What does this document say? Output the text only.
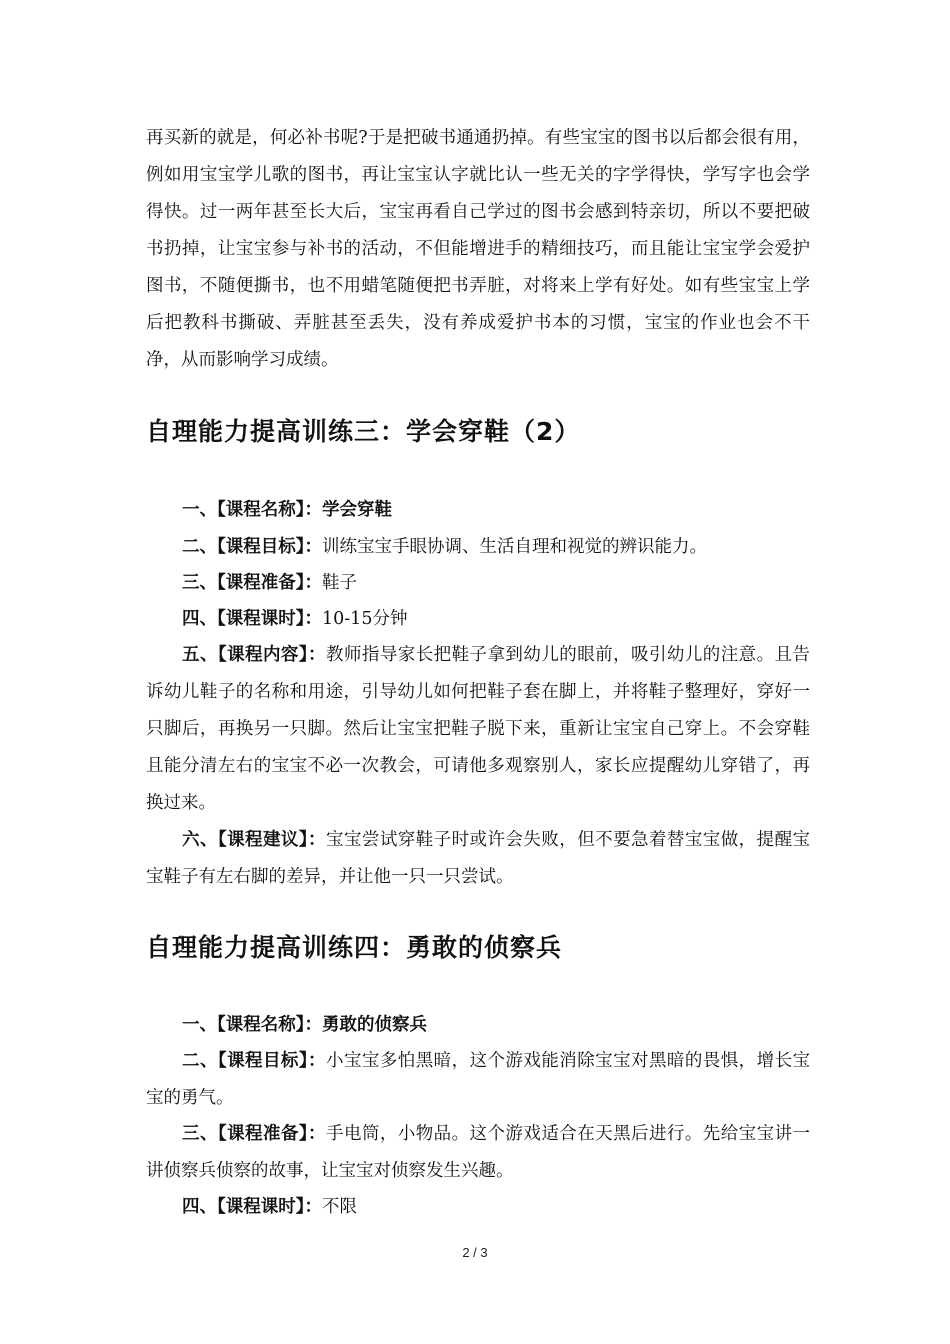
再买新的就是，何必补书呢?于是把破书通通扔掉。有些宝宝的图书以后都会很有用，例如用宝宝学儿歌的图书，再让宝宝认字就比认一些无关的字学得快，学写字也会学得快。过一两年甚至长大后，宝宝再看自己学过的图书会感到特亲切，所以不要把破书扔掉，让宝宝参与补书的活动，不但能增进手的精细技巧，而且能让宝宝学会爱护图书，不随便撕书，也不用蜡笔随便把书弄脏，对将来上学有好处。如有些宝宝上学后把教科书撕破、弄脏甚至丢失，没有养成爱护书本的习惯，宝宝的作业也会不干净，从而影响学习成绩。

自理能力提高训练三：学会穿鞋（2）

一、【课程名称】：学会穿鞋

二、【课程目标】：训练宝宝手眼协调、生活自理和视觉的辨识能力。

三、【课程准备】：鞋子

四、【课程课时】：10-15分钟

五、【课程内容】：教师指导家长把鞋子拿到幼儿的眼前，吸引幼儿的注意。且告诉幼儿鞋子的名称和用途，引导幼儿如何把鞋子套在脚上，并将鞋子整理好，穿好一只脚后，再换另一只脚。然后让宝宝把鞋子脱下来，重新让宝宝自己穿上。不会穿鞋且能分清左右的宝宝不必一次教会，可请他多观察别人，家长应提醒幼儿穿错了，再换过来。

六、【课程建议】：宝宝尝试穿鞋子时或许会失败，但不要急着替宝宝做，提醒宝宝鞋子有左右脚的差异，并让他一只一只尝试。

自理能力提高训练四：勇敢的侦察兵

一、【课程名称】：勇敢的侦察兵

二、【课程目标】：小宝宝多怕黑暗，这个游戏能消除宝宝对黑暗的畏惧，增长宝宝的勇气。

三、【课程准备】：手电筒，小物品。这个游戏适合在天黑后进行。先给宝宝讲一讲侦察兵侦察的故事，让宝宝对侦察发生兴趣。

四、【课程课时】：不限

2 / 3
